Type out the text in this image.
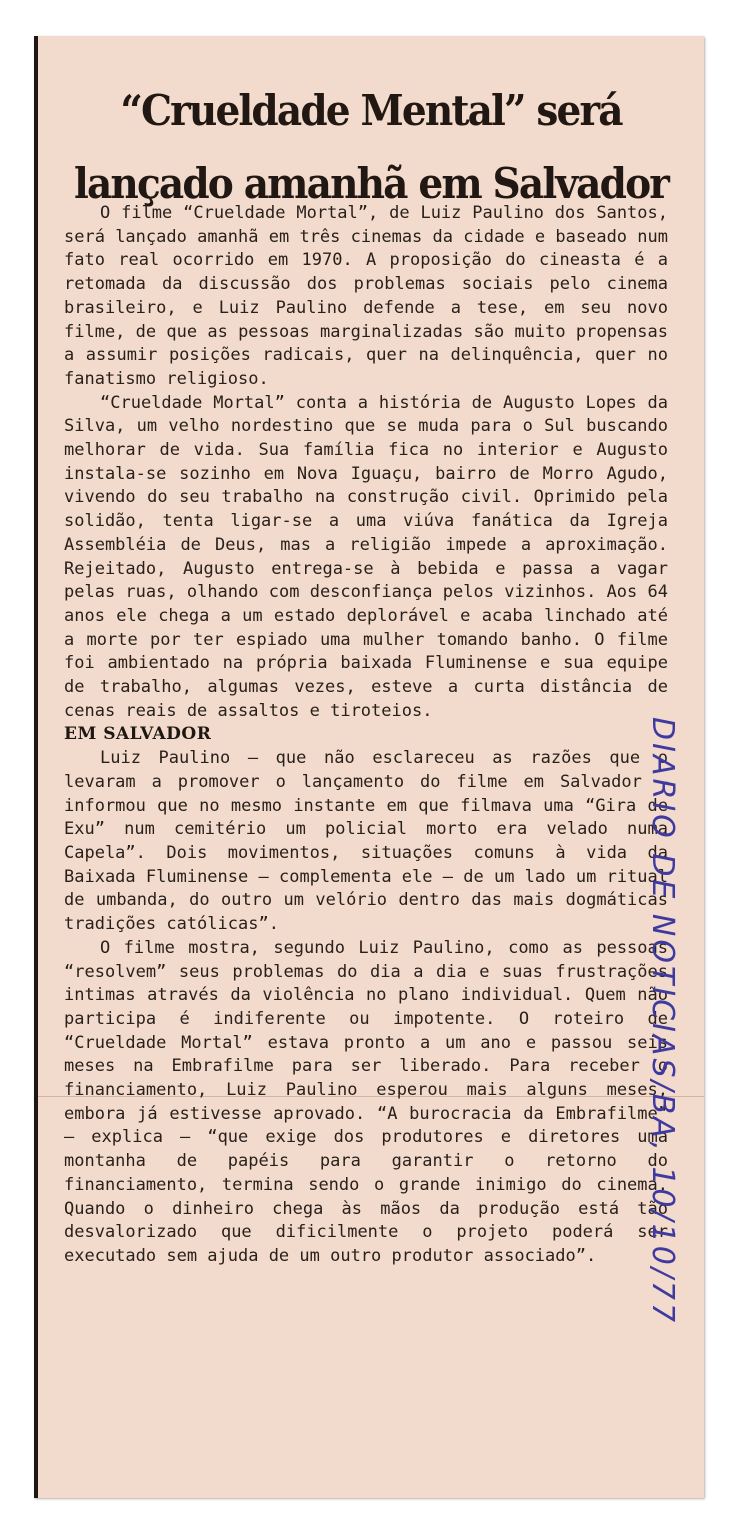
“Crueldade Mental” será
lançado amanhã em Salvador

O filme “Crueldade Mortal”, de Luiz Paulino dos Santos, será lançado amanhã em três cinemas da cidade e baseado num fato real ocorrido em 1970. A proposição do cineasta é a retomada da discussão dos problemas sociais pelo cinema brasileiro, e Luiz Paulino defende a tese, em seu novo filme, de que as pessoas marginalizadas são muito propensas a assumir posições radicais, quer na delinquência, quer no fanatismo religioso.

“Crueldade Mortal” conta a história de Augusto Lopes da Silva, um velho nordestino que se muda para o Sul buscando melhorar de vida. Sua família fica no interior e Augusto instala-se sozinho em Nova Iguaçu, bairro de Morro Agudo, vivendo do seu trabalho na construção civil. Oprimido pela solidão, tenta ligar-se a uma viúva fanática da Igreja Assembléia de Deus, mas a religião impede a aproximação. Rejeitado, Augusto entrega-se à bebida e passa a vagar pelas ruas, olhando com desconfiança pelos vizinhos. Aos 64 anos ele chega a um estado deplorável e acaba linchado até a morte por ter espiado uma mulher tomando banho. O filme foi ambientado na própria baixada Fluminense e sua equipe de trabalho, algumas vezes, esteve a curta distância de cenas reais de assaltos e tiroteios.

EM SALVADOR

Luiz Paulino — que não esclareceu as razões que o levaram a promover o lançamento do filme em Salvador — informou que no mesmo instante em que filmava uma “Gira de Exu” num cemitério um policial morto era velado numa Capela”. Dois movimentos, situações comuns à vida da Baixada Fluminense — complementa ele — de um lado um ritual de umbanda, do outro um velório dentro das mais dogmáticas tradições católicas”.

O filme mostra, segundo Luiz Paulino, como as pessoas “resolvem” seus problemas do dia a dia e suas frustrações intimas através da violência no plano individual. Quem não participa é indiferente ou impotente. O roteiro de “Crueldade Mortal” estava pronto a um ano e passou seis meses na Embrafilme para ser liberado. Para receber o financiamento, Luiz Paulino esperou mais alguns meses, embora já estivesse aprovado. “A burocracia da Embrafilme” — explica — “que exige dos produtores e diretores uma montanha de papéis para garantir o retorno do financiamento, termina sendo o grande inimigo do cinema. Quando o dinheiro chega às mãos da produção está tão desvalorizado que dificilmente o projeto poderá ser executado sem ajuda de um outro produtor associado”.	DIARIO DE NOTICIAS/BA, 10/10/77
